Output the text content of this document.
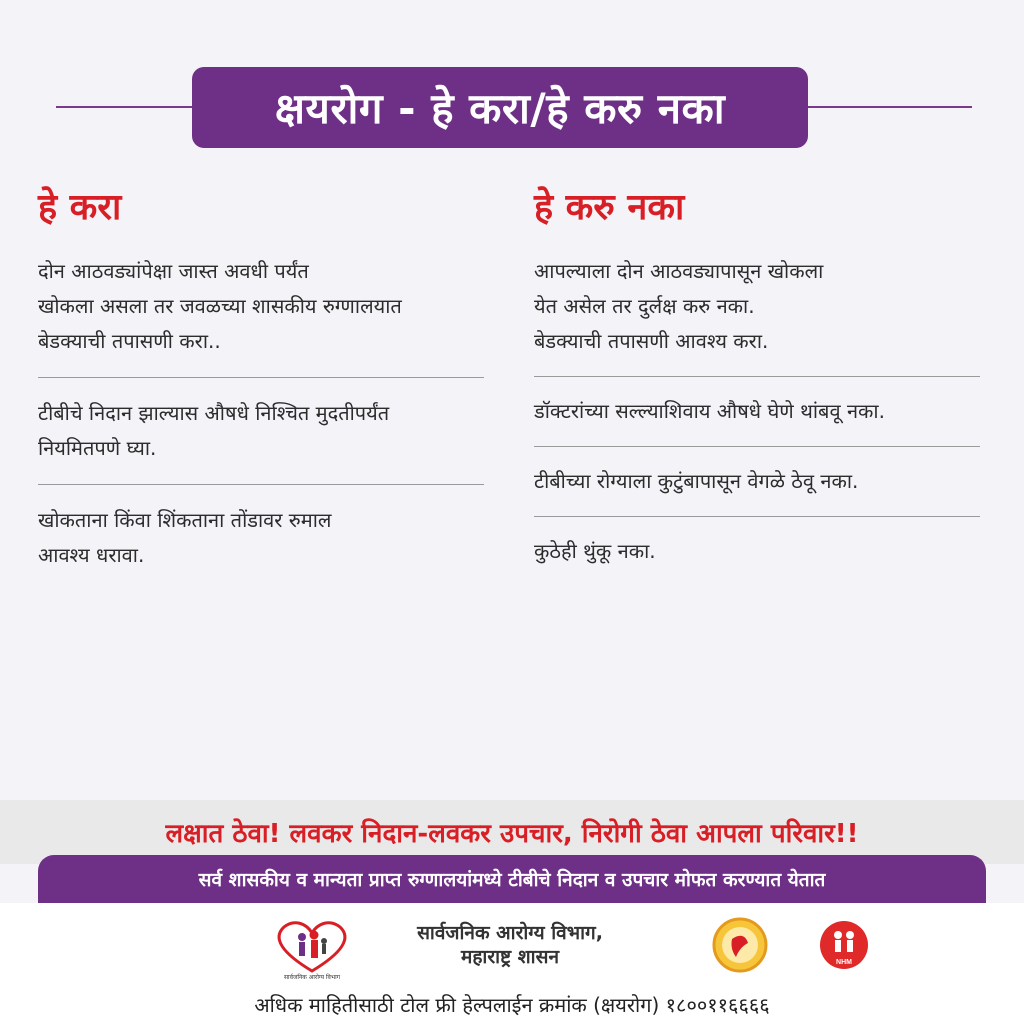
क्षयरोग - हे करा/हे करु नका
हे करा
दोन आठवड्यांपेक्षा जास्त अवधी पर्यंत
खोकला असला तर जवळच्या शासकीय रुग्णालयात
बेडक्याची तपासणी करा..
टीबीचे निदान झाल्यास औषधे निश्चित मुदतीपर्यंत
नियमितपणे घ्या.
खोकताना किंवा शिंकताना तोंडावर रुमाल
आवश्य धरावा.
हे करु नका
आपल्याला दोन आठवड्यापासून खोकला
येत असेल तर दुर्लक्ष करु नका.
बेडक्याची तपासणी आवश्य करा.
डॉक्टरांच्या सल्ल्याशिवाय औषधे घेणे थांबवू नका.
टीबीच्या रोग्याला कुटुंबापासून वेगळे ठेवू नका.
कुठेही थुंकू नका.
लक्षात ठेवा! लवकर निदान-लवकर उपचार, निरोगी ठेवा आपला परिवार!!
सर्व शासकीय व मान्यता प्राप्त रुग्णालयांमध्ये टीबीचे निदान व उपचार मोफत करण्यात येतात
सार्वजनिक आरोग्य विभाग
सार्वजनिक आरोग्य विभाग,
महाराष्ट्र शासन	NHM
अधिक माहितीसाठी टोल फ्री हेल्पलाईन क्रमांक (क्षयरोग) १८००११६६६६
